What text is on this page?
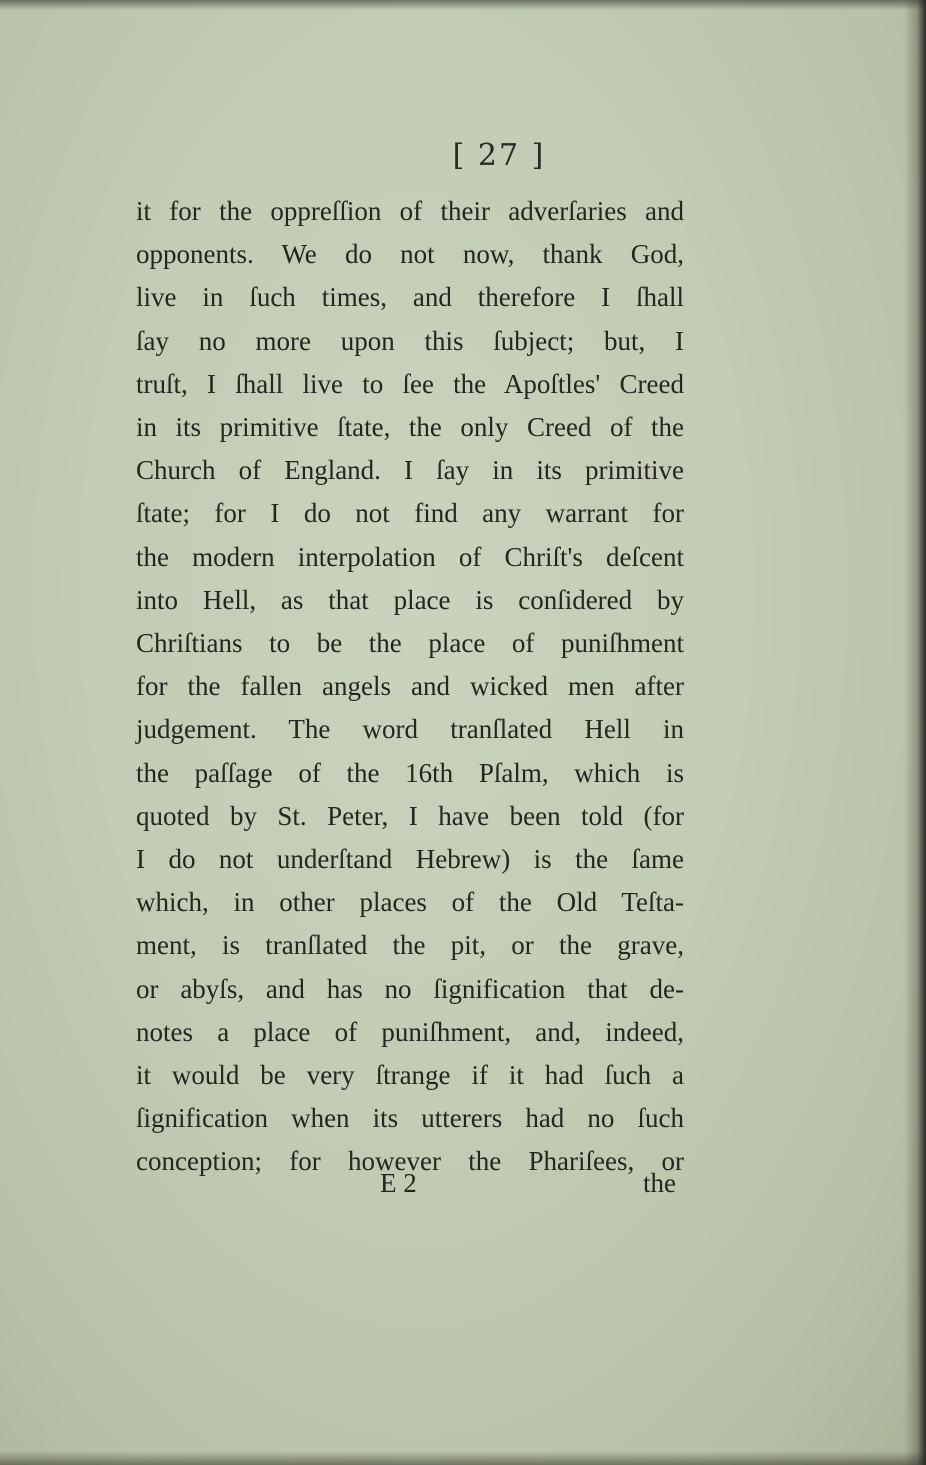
[ 27 ]
it for the oppreſſion of their adverſaries and
opponents. We do not now, thank God,
live in ſuch times, and therefore I ſhall
ſay no more upon this ſubject; but, I
truſt, I ſhall live to ſee the Apoſtles' Creed
in its primitive ſtate, the only Creed of the
Church of England. I ſay in its primitive
ſtate; for I do not find any warrant for
the modern interpolation of Chriſt's deſcent
into Hell, as that place is conſidered by
Chriſtians to be the place of puniſhment
for the fallen angels and wicked men after
judgement. The word tranſlated Hell in
the paſſage of the 16th Pſalm, which is
quoted by St. Peter, I have been told (for
I do not underſtand Hebrew) is the ſame
which, in other places of the Old Teſta-
ment, is tranſlated the pit, or the grave,
or abyſs, and has no ſignification that de-
notes a place of puniſhment, and, indeed,
it would be very ſtrange if it had ſuch a
ſignification when its utterers had no ſuch
conception; for however the Phariſees, or
E 2	the
